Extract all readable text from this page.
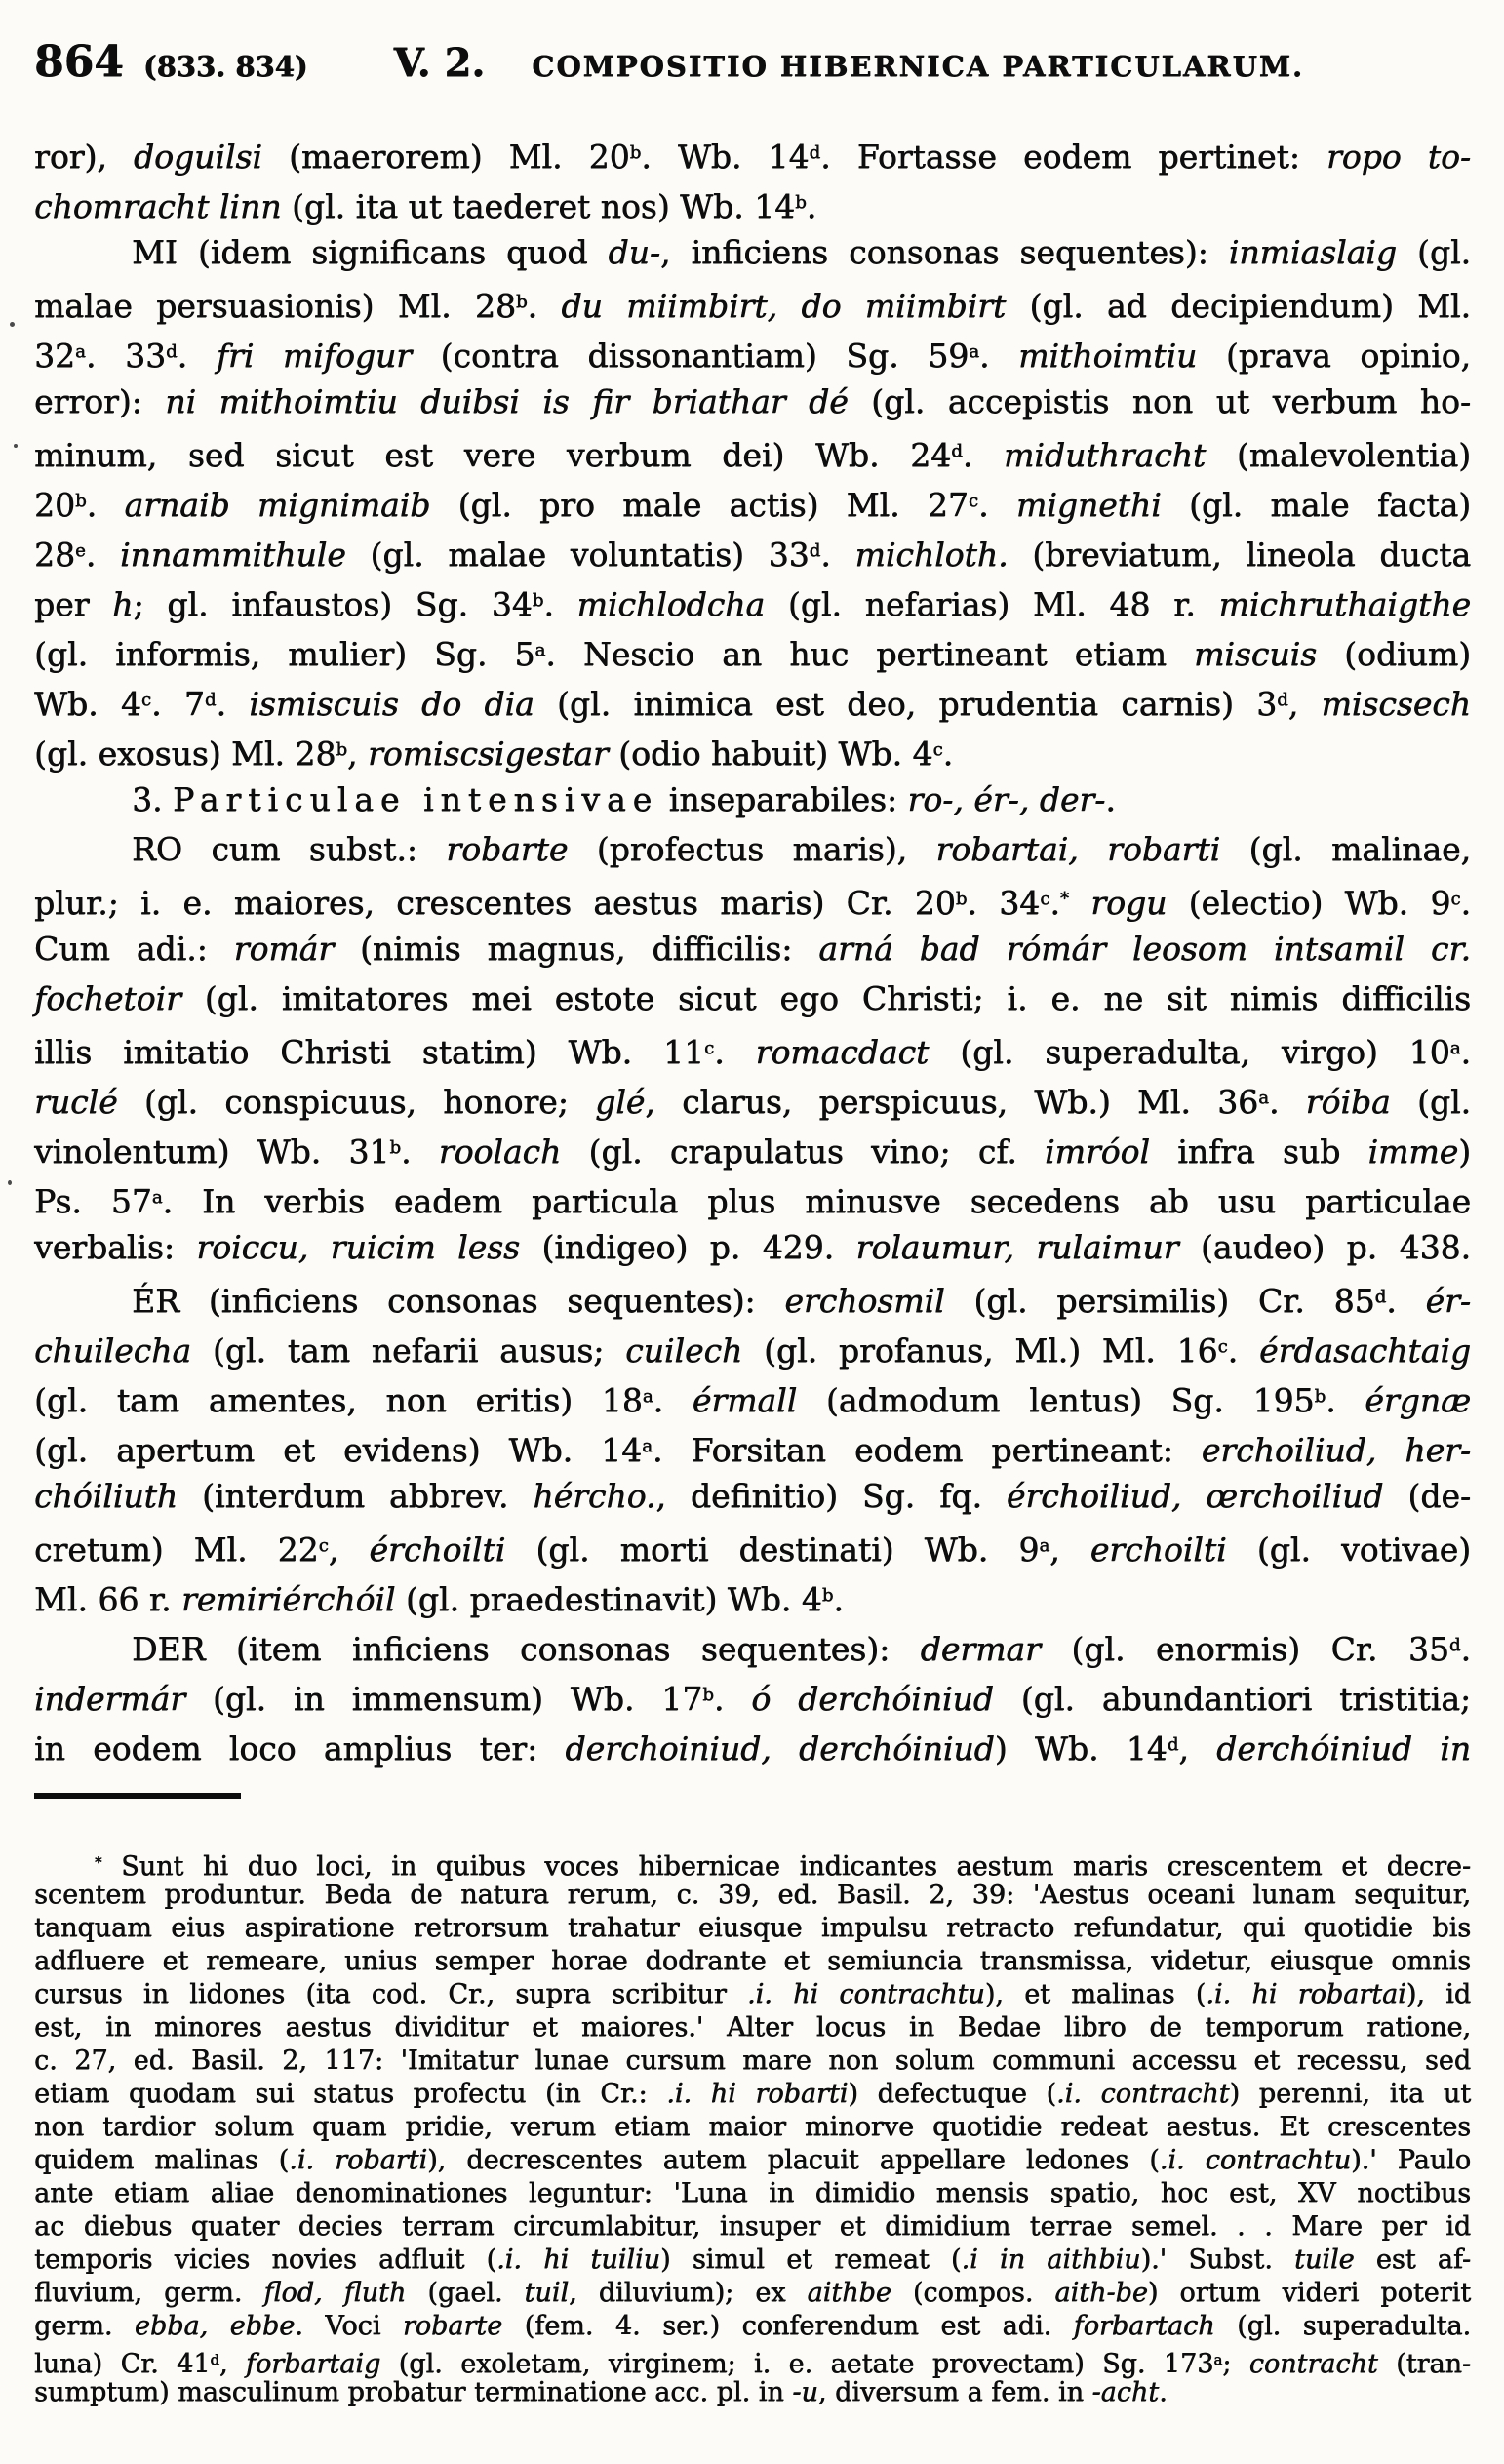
864 (833. 834) V. 2. COMPOSITIO HIBERNICA PARTICULARUM.
ror), doguilsi (maerorem) Ml. 20$^b$. Wb. 14$^d$. Fortasse eodem pertinet: ropo to-
chomracht linn (gl. ita ut taederet nos) Wb. 14$^b$.
MI (idem significans quod du-, inficiens consonas sequentes): inmiaslaig (gl.
malae persuasionis) Ml. 28$^b$. du miimbirt, do miimbirt (gl. ad decipiendum) Ml.
32$^a$. 33$^d$. fri mifogur (contra dissonantiam) Sg. 59$^a$. mithoimtiu (prava opinio,
error): ni mithoimtiu duibsi is fir briathar dé (gl. accepistis non ut verbum ho-
minum, sed sicut est vere verbum dei) Wb. 24$^d$. miduthracht (malevolentia)
20$^b$. arnaib mignimaib (gl. pro male actis) Ml. 27$^c$. mignethi (gl. male facta)
28e. innammithule (gl. malae voluntatis) 33$^d$. michloth. (breviatum, lineola ducta
per h; gl. infaustos) Sg. 34$^b$. michlodcha (gl. nefarias) Ml. 48 r. michruthaigthe
(gl. informis, mulier) Sg. 5$^a$. Nescio an huc pertineant etiam miscuis (odium)
Wb. 4$^c$. 7$^d$. ismiscuis do dia (gl. inimica est deo, prudentia carnis) 3$^d$, miscsech
(gl. exosus) Ml. 28$^b$, romiscsigestar (odio habuit) Wb. 4$^c$.
3. Particulae intensivae inseparabiles: ro-, ér-, der-.
RO cum subst.: robarte (profectus maris), robartai, robarti (gl. malinae,
plur.; i. e. maiores, crescentes aestus maris) Cr. 20$^b$. 34$^c$.* rogu (electio) Wb. 9$^c$.
Cum adi.: romár (nimis magnus, difficilis: arná bad rómár leosom intsamil cr.
fochetoir (gl. imitatores mei estote sicut ego Christi; i. e. ne sit nimis difficilis
illis imitatio Christi statim) Wb. 11$^c$. romacdact (gl. superadulta, virgo) 10$^a$.
ruclé (gl. conspicuus, honore; glé, clarus, perspicuus, Wb.) Ml. 36$^a$. róiba (gl.
vinolentum) Wb. 31$^b$. roolach (gl. crapulatus vino; cf. imróol infra sub imme)
Ps. 57$^a$. In verbis eadem particula plus minusve secedens ab usu particulae
verbalis: roiccu, ruicim less (indigeo) p. 429. rolaumur, rulaimur (audeo) p. 438.
ÉR (inficiens consonas sequentes): erchosmil (gl. persimilis) Cr. 85$^d$. ér-
chuilecha (gl. tam nefarii ausus; cuilech (gl. profanus, Ml.) Ml. 16$^c$. érdasachtaig
(gl. tam amentes, non eritis) 18$^a$. érmall (admodum lentus) Sg. 195$^b$. érgnæ
(gl. apertum et evidens) Wb. 14$^a$. Forsitan eodem pertineant: erchoiliud, her-
chóiliuth (interdum abbrev. hércho., definitio) Sg. fq. érchoiliud, œrchoiliud (de-
cretum) Ml. 22$^c$, érchoilti (gl. morti destinati) Wb. 9$^a$, erchoilti (gl. votivae)
Ml. 66 r. remiriérchóil (gl. praedestinavit) Wb. 4$^b$.
DER (item inficiens consonas sequentes): dermar (gl. enormis) Cr. 35$^d$.
indermár (gl. in immensum) Wb. 17$^b$. ó derchóiniud (gl. abundantiori tristitia;
in eodem loco amplius ter: derchoiniud, derchóiniud) Wb. 14$^d$, derchóiniud in
* Sunt hi duo loci, in quibus voces hibernicae indicantes aestum maris crescentem et decre-
scentem produntur. Beda de natura rerum, c. 39, ed. Basil. 2, 39: 'Aestus oceani lunam sequitur,
tanquam eius aspiratione retrorsum trahatur eiusque impulsu retracto refundatur, qui quotidie bis
adfluere et remeare, unius semper horae dodrante et semiuncia transmissa, videtur, eiusque omnis
cursus in lidones (ita cod. Cr., supra scribitur .i. hi contrachtu), et malinas (.i. hi robartai), id
est, in minores aestus dividitur et maiores.' Alter locus in Bedae libro de temporum ratione,
c. 27, ed. Basil. 2, 117: 'Imitatur lunae cursum mare non solum communi accessu et recessu, sed
etiam quodam sui status profectu (in Cr.: .i. hi robarti) defectuque (.i. contracht) perenni, ita ut
non tardior solum quam pridie, verum etiam maior minorve quotidie redeat aestus. Et crescentes
quidem malinas (.i. robarti), decrescentes autem placuit appellare ledones (.i. contrachtu).' Paulo
ante etiam aliae denominationes leguntur: 'Luna in dimidio mensis spatio, hoc est, XV noctibus
ac diebus quater decies terram circumlabitur, insuper et dimidium terrae semel. . . Mare per id
temporis vicies novies adfluit (.i. hi tuiliu) simul et remeat (.i in aithbiu).' Subst. tuile est af-
fluvium, germ. flod, fluth (gael. tuil, diluvium); ex aithbe (compos. aith-be) ortum videri poterit
germ. ebba, ebbe. Voci robarte (fem. 4. ser.) conferendum est adi. forbartach (gl. superadulta.
luna) Cr. 41$^d$, forbartaig (gl. exoletam, virginem; i. e. aetate provectam) Sg. 173$^a$; contracht (tran-
sumptum) masculinum probatur terminatione acc. pl. in -u, diversum a fem. in -acht.
